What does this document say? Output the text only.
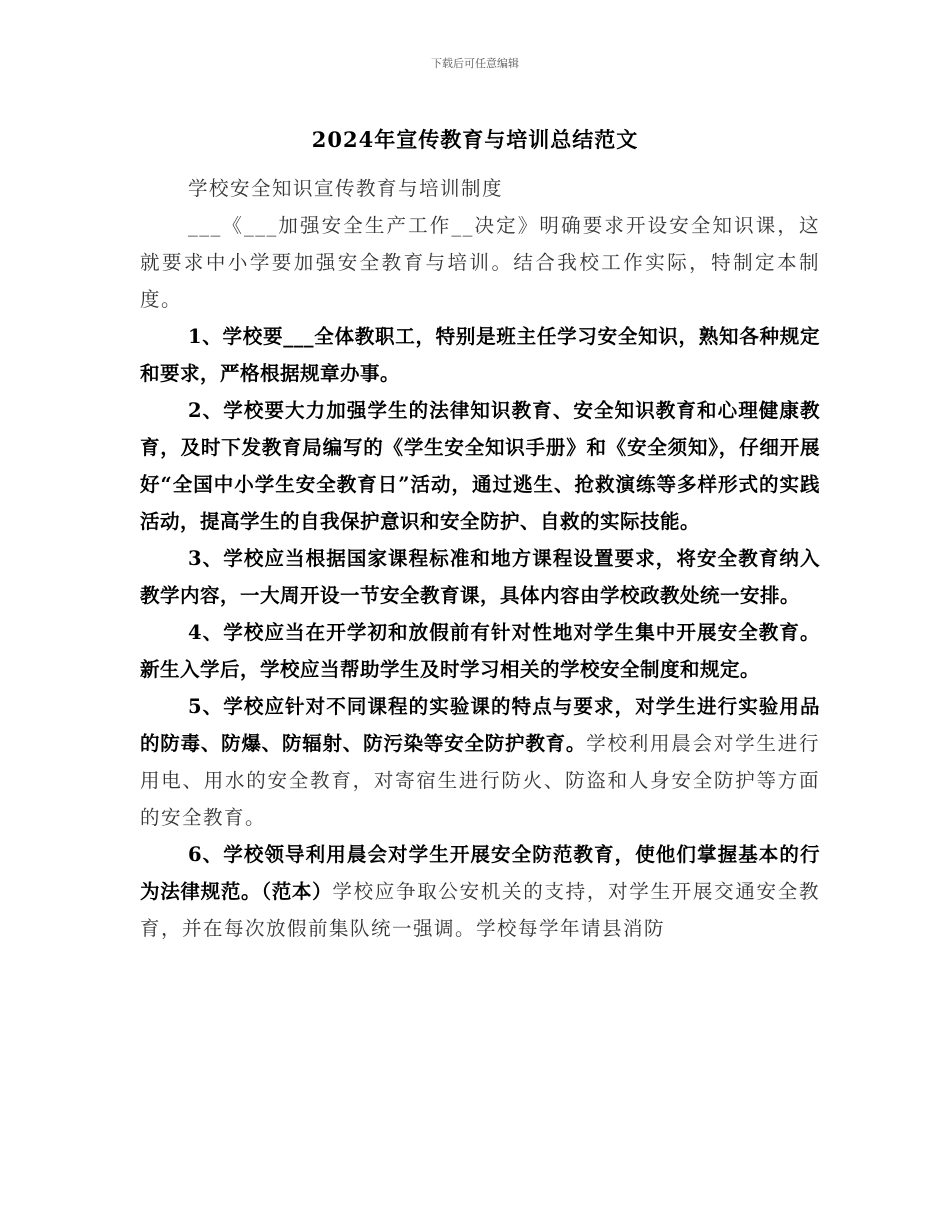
下载后可任意编辑
2024年宣传教育与培训总结范文

学校安全知识宣传教育与培训制度

___《___加强安全生产工作__决定》明确要求开设安全知识课，这就要求中小学要加强安全教育与培训。结合我校工作实际，特制定本制度。

1、学校要___全体教职工，特别是班主任学习安全知识，熟知各种规定和要求，严格根据规章办事。

2、学校要大力加强学生的法律知识教育、安全知识教育和心理健康教育，及时下发教育局编写的《学生安全知识手册》和《安全须知》，仔细开展好“全国中小学生安全教育日”活动，通过逃生、抢救演练等多样形式的实践活动，提高学生的自我保护意识和安全防护、自救的实际技能。

3、学校应当根据国家课程标准和地方课程设置要求，将安全教育纳入教学内容，一大周开设一节安全教育课，具体内容由学校政教处统一安排。

4、学校应当在开学初和放假前有针对性地对学生集中开展安全教育。新生入学后，学校应当帮助学生及时学习相关的学校安全制度和规定。

5、学校应针对不同课程的实验课的特点与要求，对学生进行实验用品的防毒、防爆、防辐射、防污染等安全防护教育。学校利用晨会对学生进行用电、用水的安全教育，对寄宿生进行防火、防盗和人身安全防护等方面的安全教育。

6、学校领导利用晨会对学生开展安全防范教育，使他们掌握基本的行为法律规范。（范本）学校应争取公安机关的支持，对学生开展交通安全教育，并在每次放假前集队统一强调。学校每学年请县消防
